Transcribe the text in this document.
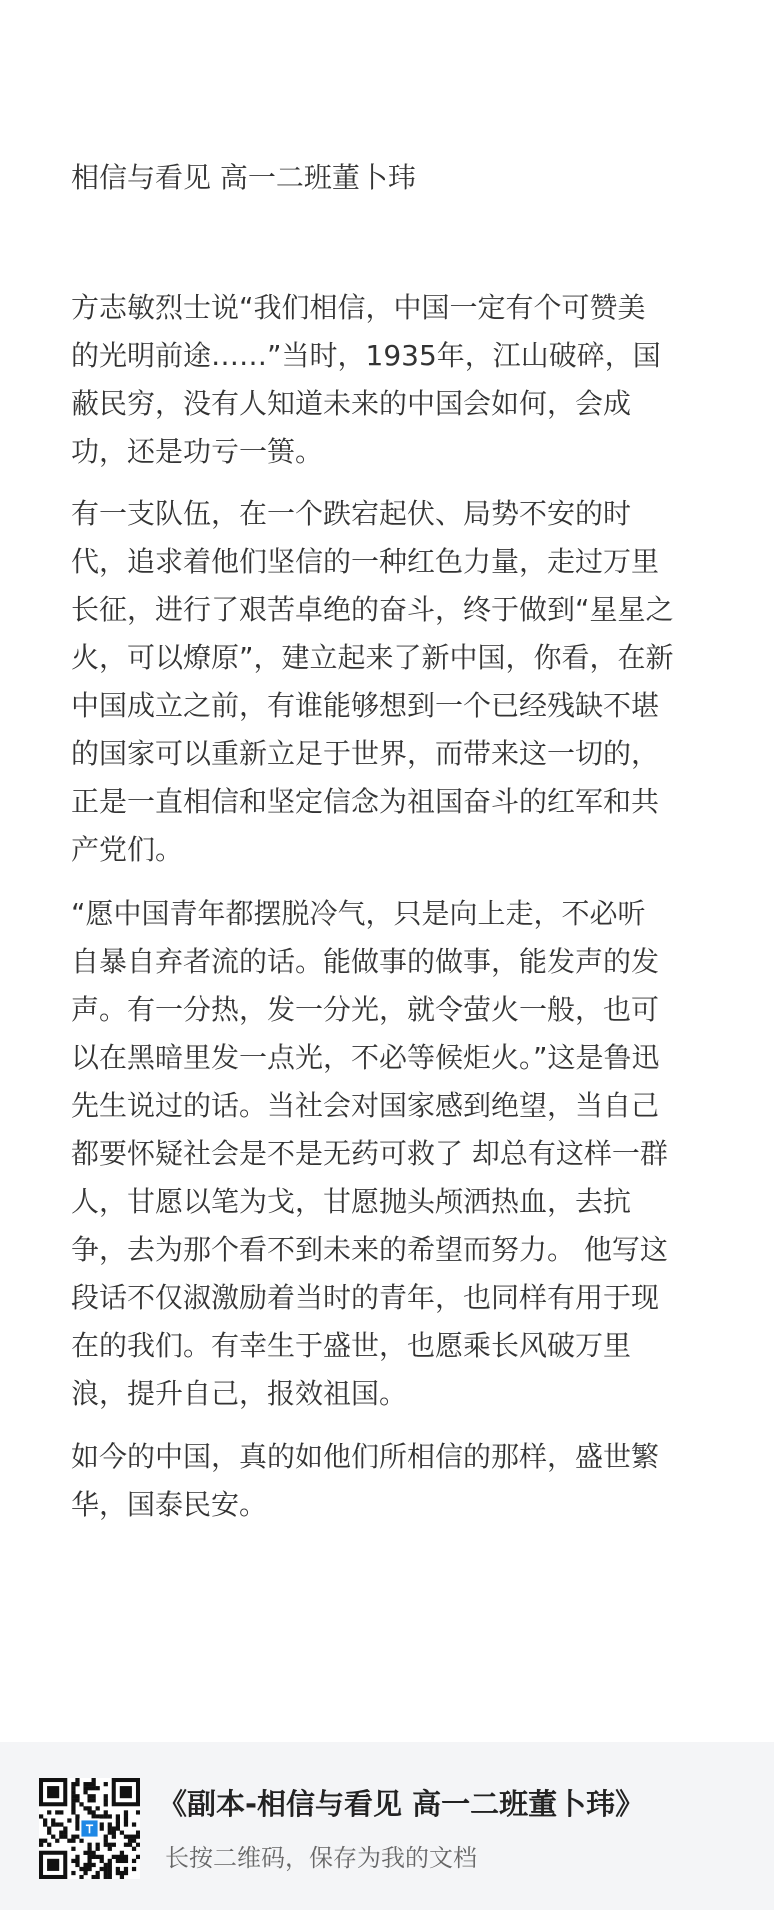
相信与看见 高一二班董卜玮
方志敏烈士说“我们相信，中国一定有个可赞美
的光明前途……”当时，1935年，江山破碎，国
蔽民穷，没有人知道未来的中国会如何，会成
功，还是功亏一篑。
有一支队伍，在一个跌宕起伏、局势不安的时
代，追求着他们坚信的一种红色力量，走过万里
长征，进行了艰苦卓绝的奋斗，终于做到“星星之
火，可以燎原”，建立起来了新中国，你看，在新
中国成立之前，有谁能够想到一个已经残缺不堪
的国家可以重新立足于世界，而带来这一切的，
正是一直相信和坚定信念为祖国奋斗的红军和共
产党们。
“愿中国青年都摆脱冷气，只是向上走，不必听
自暴自弃者流的话。能做事的做事，能发声的发
声。有一分热，发一分光，就令萤火一般，也可
以在黑暗里发一点光，不必等候炬火。”这是鲁迅
先生说过的话。当社会对国家感到绝望，当自己
都要怀疑社会是不是无药可救了 却总有这样一群
人，甘愿以笔为戈，甘愿抛头颅洒热血，去抗
争，去为那个看不到未来的希望而努力。 他写这
段话不仅淑激励着当时的青年，也同样有用于现
在的我们。有幸生于盛世，也愿乘长风破万里
浪，提升自己，报效祖国。
如今的中国，真的如他们所相信的那样，盛世繁
华，国泰民安。
《副本-相信与看见 高一二班董卜玮》
长按二维码，保存为我的文档
